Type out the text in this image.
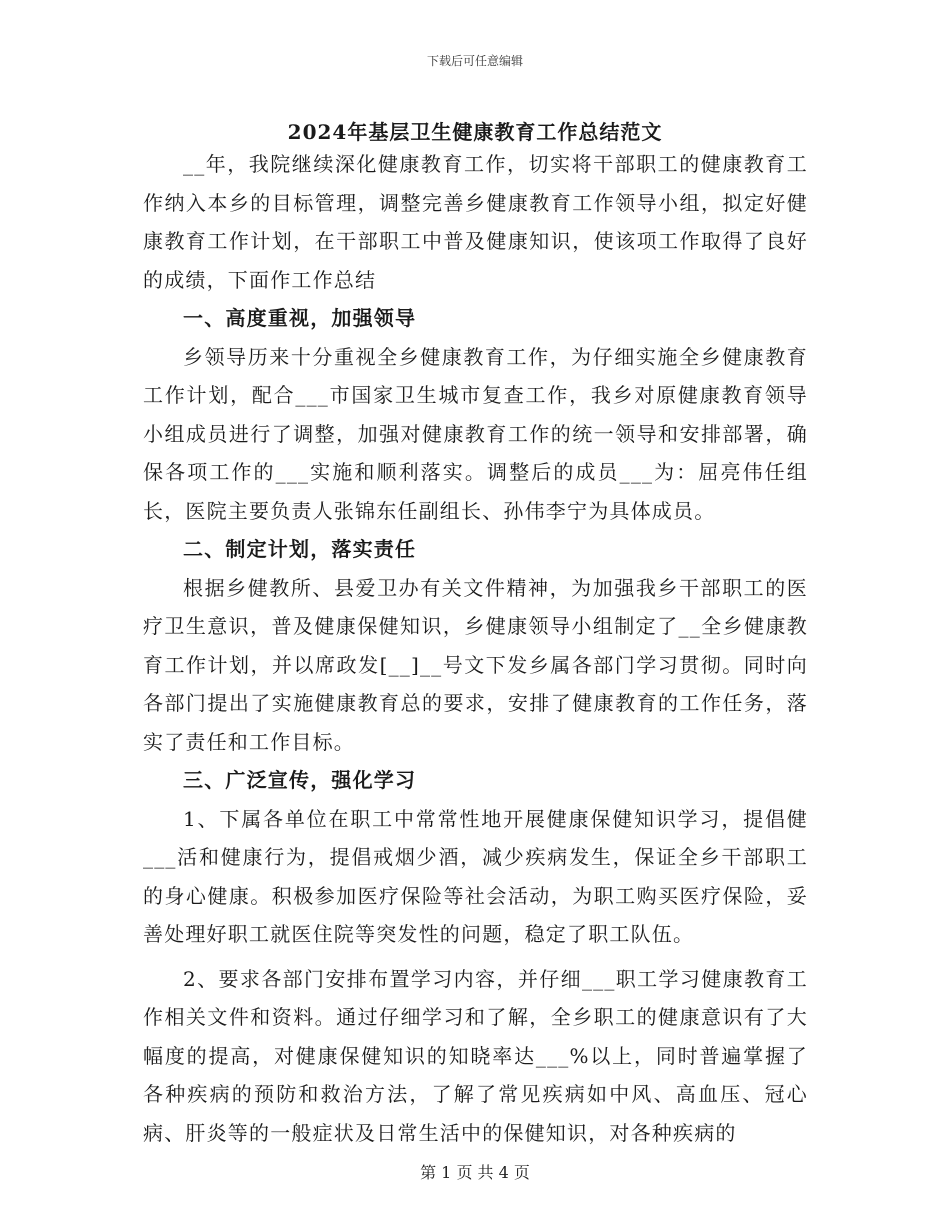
下载后可任意编辑
2024年基层卫生健康教育工作总结范文

__年，我院继续深化健康教育工作，切实将干部职工的健康教育工作纳入本乡的目标管理，调整完善乡健康教育工作领导小组，拟定好健康教育工作计划，在干部职工中普及健康知识，使该项工作取得了良好的成绩，下面作工作总结

一、高度重视，加强领导

乡领导历来十分重视全乡健康教育工作，为仔细实施全乡健康教育工作计划，配合___市国家卫生城市复查工作，我乡对原健康教育领导小组成员进行了调整，加强对健康教育工作的统一领导和安排部署，确保各项工作的___实施和顺利落实。调整后的成员___为：屈亮伟任组长，医院主要负责人张锦东任副组长、孙伟李宁为具体成员。

二、制定计划，落实责任

根据乡健教所、县爱卫办有关文件精神，为加强我乡干部职工的医疗卫生意识，普及健康保健知识，乡健康领导小组制定了__全乡健康教育工作计划，并以席政发[__]__号文下发乡属各部门学习贯彻。同时向各部门提出了实施健康教育总的要求，安排了健康教育的工作任务，落实了责任和工作目标。

三、广泛宣传，强化学习

1、下属各单位在职工中常常性地开展健康保健知识学习，提倡健___活和健康行为，提倡戒烟少酒，减少疾病发生，保证全乡干部职工的身心健康。积极参加医疗保险等社会活动，为职工购买医疗保险，妥善处理好职工就医住院等突发性的问题，稳定了职工队伍。

2、要求各部门安排布置学习内容，并仔细___职工学习健康教育工作相关文件和资料。通过仔细学习和了解，全乡职工的健康意识有了大幅度的提高，对健康保健知识的知晓率达___%以上，同时普遍掌握了各种疾病的预防和救治方法，了解了常见疾病如中风、高血压、冠心病、肝炎等的一般症状及日常生活中的保健知识，对各种疾病的

第 1 页 共 4 页
